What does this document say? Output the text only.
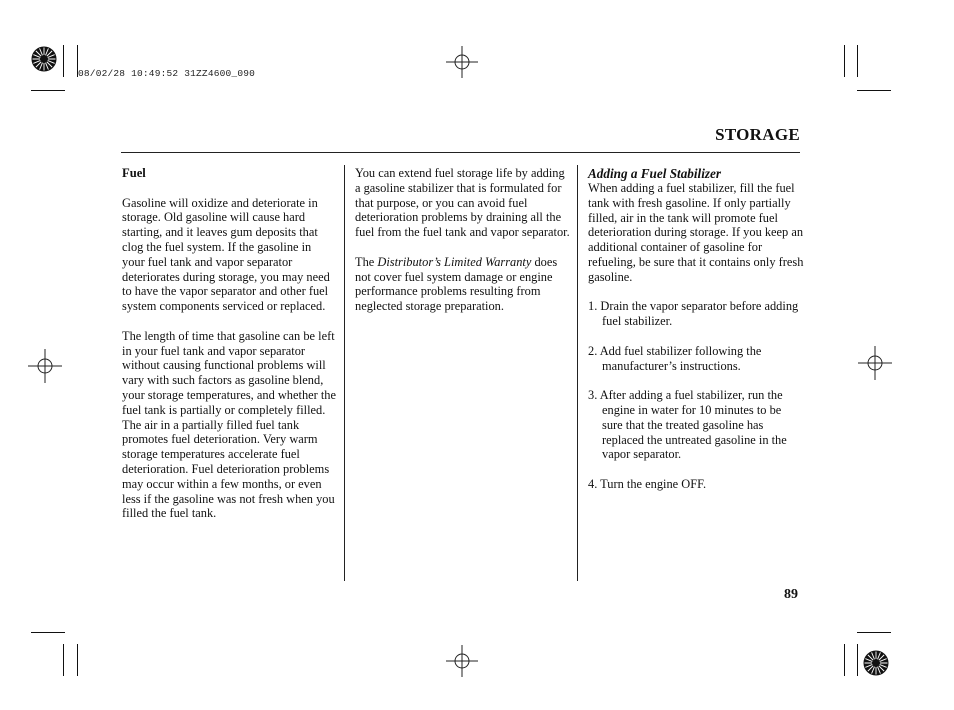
08/02/28 10:49:52 31ZZ4600_090
STORAGE
Fuel

Gasoline will oxidize and deteriorate in storage. Old gasoline will cause hard starting, and it leaves gum deposits that clog the fuel system. If the gasoline in your fuel tank and vapor separator deteriorates during storage, you may need to have the vapor separator and other fuel system components serviced or replaced.

The length of time that gasoline can be left in your fuel tank and vapor separator without causing functional problems will vary with such factors as gasoline blend, your storage temperatures, and whether the fuel tank is partially or completely filled. The air in a partially filled fuel tank promotes fuel deterioration. Very warm storage temperatures accelerate fuel deterioration. Fuel deterioration problems may occur within a few months, or even less if the gasoline was not fresh when you filled the fuel tank.

You can extend fuel storage life by adding a gasoline stabilizer that is formulated for that purpose, or you can avoid fuel deterioration problems by draining all the fuel from the fuel tank and vapor separator.

The Distributor’s Limited Warranty does not cover fuel system damage or engine performance problems resulting from neglected storage preparation.

Adding a Fuel Stabilizer

When adding a fuel stabilizer, fill the fuel tank with fresh gasoline. If only partially filled, air in the tank will promote fuel deterioration during storage. If you keep an additional container of gasoline for refueling, be sure that it contains only fresh gasoline.

1. Drain the vapor separator before adding fuel stabilizer.
2. Add fuel stabilizer following the manufacturer’s instructions.
3. After adding a fuel stabilizer, run the engine in water for 10 minutes to be sure that the treated gasoline has replaced the untreated gasoline in the vapor separator.
4. Turn the engine OFF.
89
